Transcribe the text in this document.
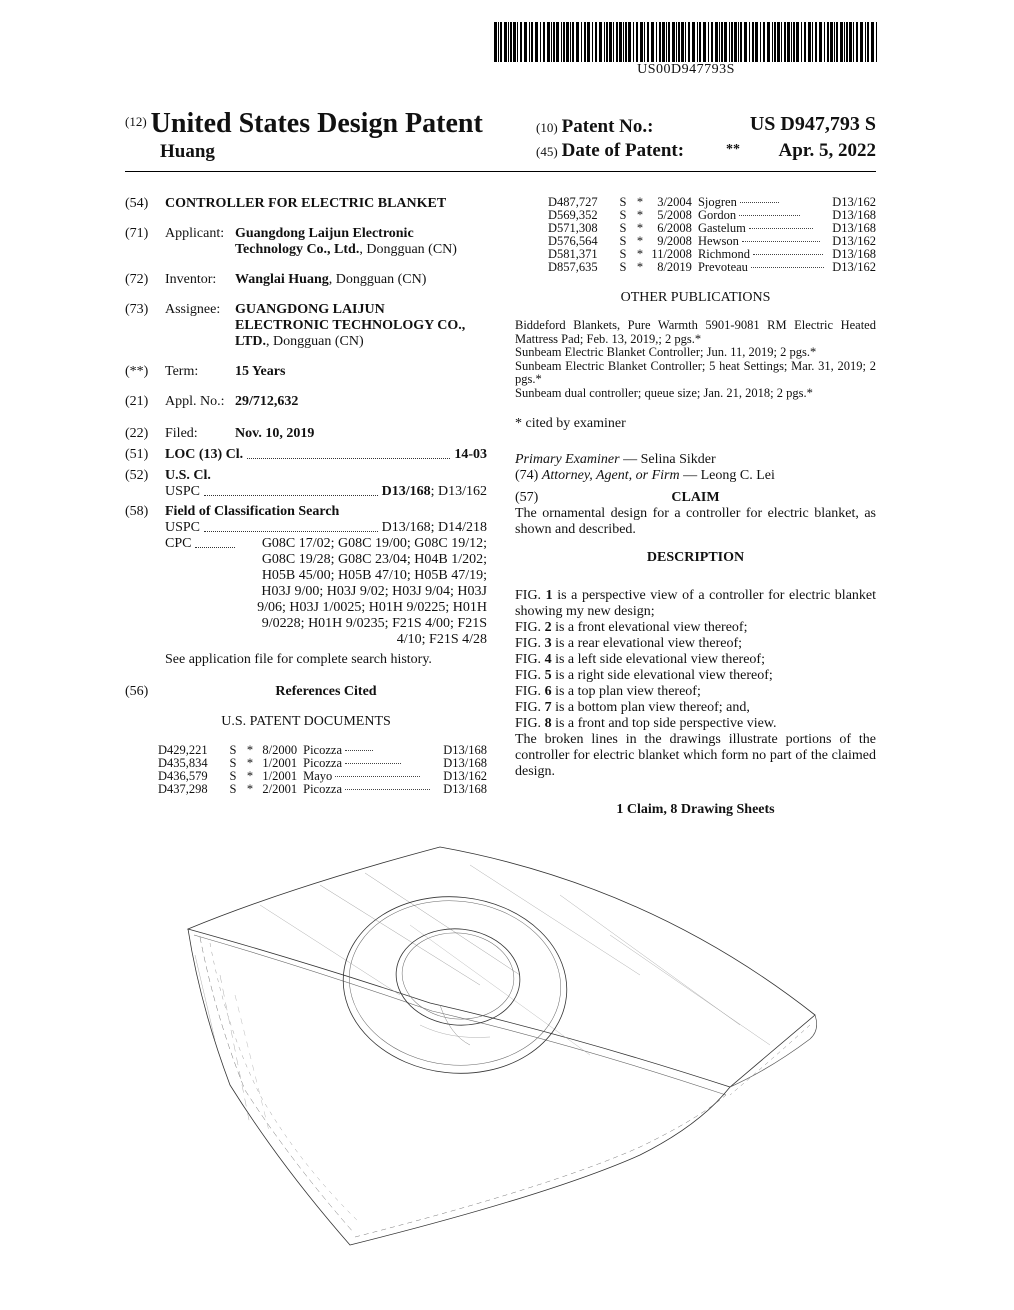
US00D947793S
$^{(12)}$ United States Design Patent
Huang
(10) Patent No.:	US D947,793 S
(45) Date of Patent:	** Apr. 5, 2022
(54)	CONTROLLER FOR ELECTRIC BLANKET
(71)	Applicant: Guangdong Laijun Electronic
Technology Co., Ltd., Dongguan (CN)
(72)	Inventor: Wanglai Huang, Dongguan (CN)
(73)	Assignee: GUANGDONG LAIJUN
ELECTRONIC TECHNOLOGY CO.,
LTD., Dongguan (CN)
(**)	Term:	15 Years
(21)	Appl. No.: 29/712,632
(22)	Filed:	Nov. 10, 2019
(51)	LOC (13) Cl.	14-03
(52)	U.S. Cl.
USPC	D13/168; D13/162
(58)	Field of Classification Search
USPC	D13/168; D14/218
CPC	G08C 17/02; G08C 19/00; G08C 19/12;
G08C 19/28; G08C 23/04; H04B 1/202;
H05B 45/00; H05B 47/10; H05B 47/19;
H03J 9/00; H03J 9/02; H03J 9/04; H03J
9/06; H03J 1/0025; H01H 9/0225; H01H
9/0228; H01H 9/0235; F21S 4/00; F21S
4/10; F21S 4/28
See application file for complete search history.
(56)	References Cited
U.S. PATENT DOCUMENTS
D429,221	S	*	8/2000	Picozza	D13/168
D435,834	S	*	1/2001	Picozza	D13/168
D436,579	S	*	1/2001	Mayo	D13/162
D437,298	S	*	2/2001	Picozza	D13/168
D487,727	S	*	3/2004	Sjogren	D13/162
D569,352	S	*	5/2008	Gordon	D13/168
D571,308	S	*	6/2008	Gastelum	D13/168
D576,564	S	*	9/2008	Hewson	D13/162
D581,371	S	*	11/2008	Richmond	D13/168
D857,635	S	*	8/2019	Prevoteau	D13/162
OTHER PUBLICATIONS

Biddeford Blankets, Pure Warmth 5901-9081 RM Electric Heated Mattress Pad; Feb. 13, 2019,; 2 pgs.*

Sunbeam Electric Blanket Controller; Jun. 11, 2019; 2 pgs.*

Sunbeam Electric Blanket Controller; 5 heat Settings; Mar. 31, 2019; 2 pgs.*

Sunbeam dual controller; queue size; Jan. 21, 2018; 2 pgs.*

* cited by examiner
Primary Examiner — Selina Sikder
(74) Attorney, Agent, or Firm — Leong C. Lei
(57)	CLAIM
The ornamental design for a controller for electric blanket, as shown and described.
DESCRIPTION
FIG. 1 is a perspective view of a controller for electric blanket showing my new design;
FIG. 2 is a front elevational view thereof;
FIG. 3 is a rear elevational view thereof;
FIG. 4 is a left side elevational view thereof;
FIG. 5 is a right side elevational view thereof;
FIG. 6 is a top plan view thereof;
FIG. 7 is a bottom plan view thereof; and,
FIG. 8 is a front and top side perspective view.
The broken lines in the drawings illustrate portions of the controller for electric blanket which form no part of the claimed design.
1 Claim, 8 Drawing Sheets
